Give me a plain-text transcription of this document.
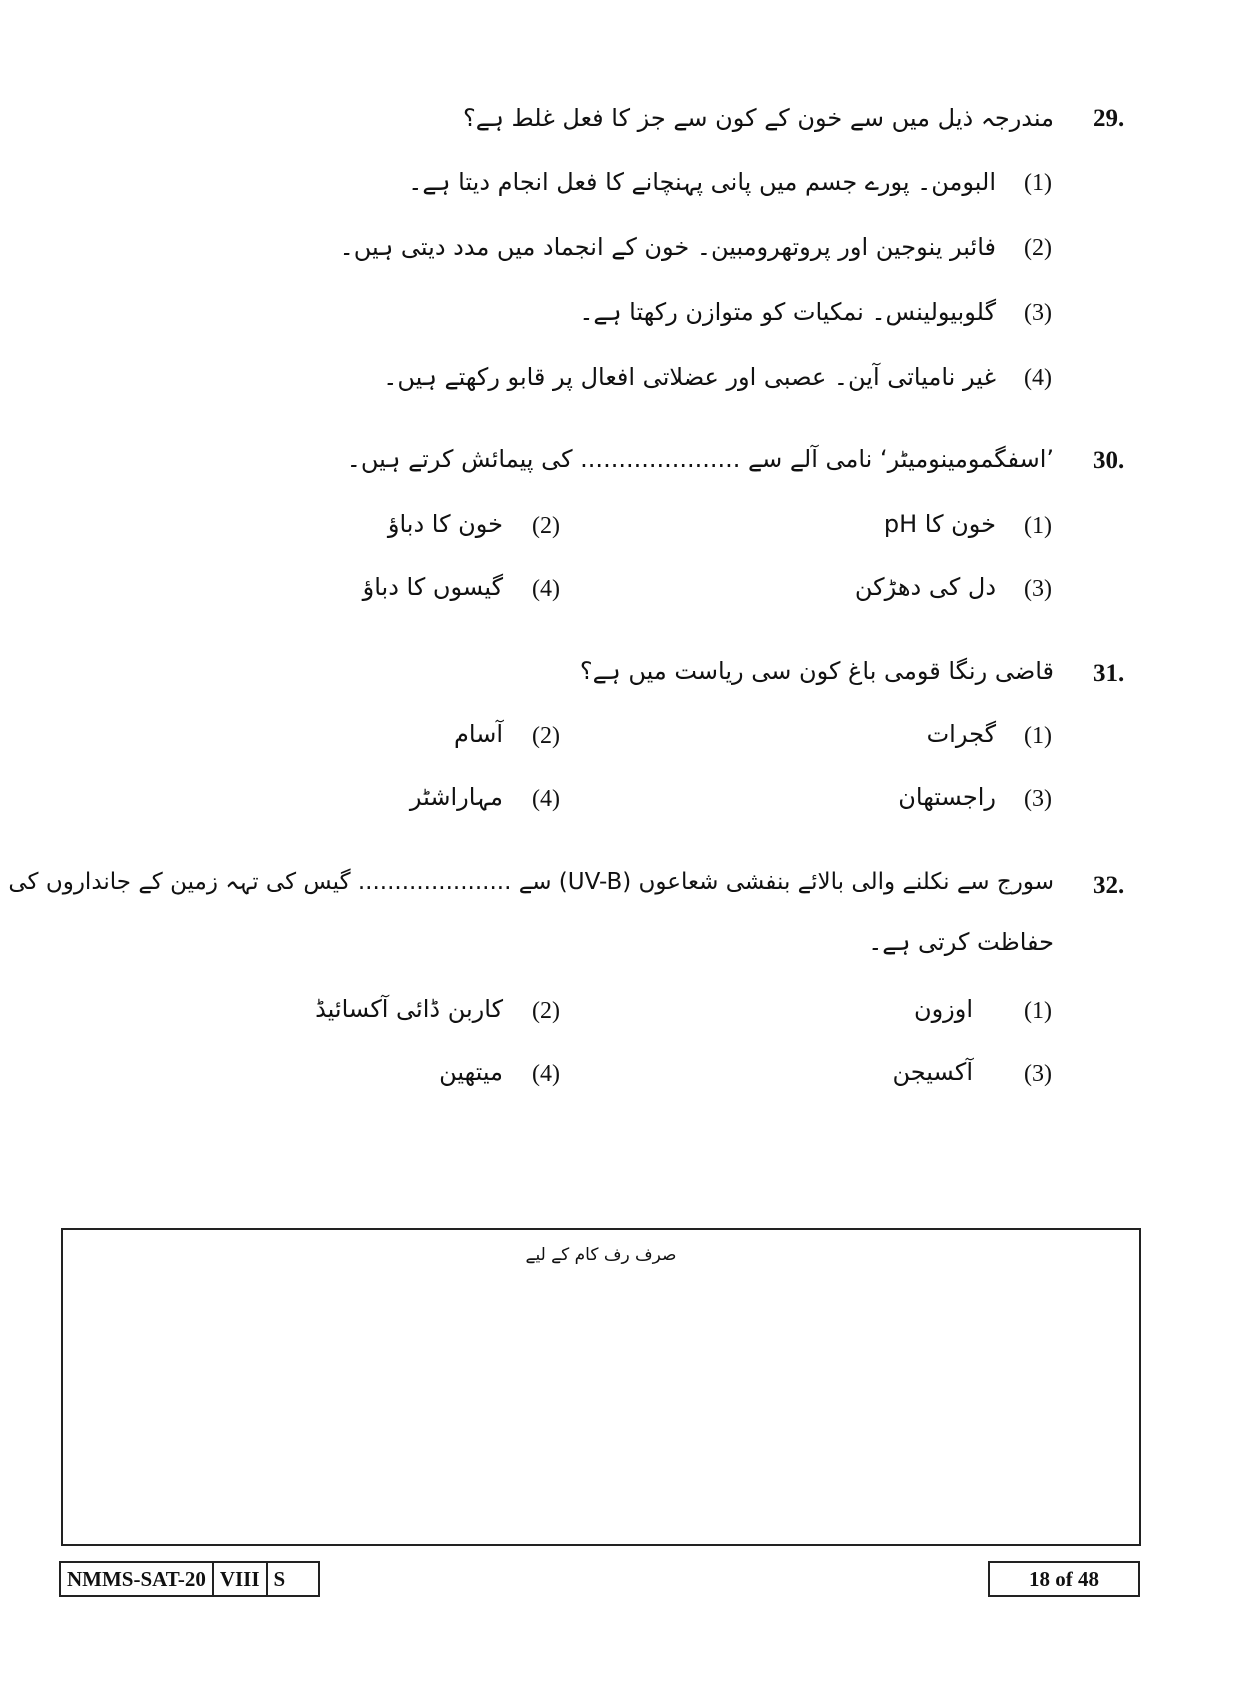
29.
مندرجہ ذیل میں سے خون کے کون سے جز کا فعل غلط ہے؟
(1)
البومن۔ پورے جسم میں پانی پہنچانے کا فعل انجام دیتا ہے۔
(2)
فائبر ینوجین اور پروتھرومبین۔ خون کے انجماد میں مدد دیتی ہیں۔
(3)
گلوبیولینس۔ نمکیات کو متوازن رکھتا ہے۔
(4)
غیر نامیاتی آین۔ عصبی اور عضلاتی افعال پر قابو رکھتے ہیں۔
30.
’اسفگمومینومیٹر‘ نامی آلے سے ..................... کی پیمائش کرتے ہیں۔
(1)
خون کا pH
(2)
خون کا دباؤ
(3)
دل کی دھڑکن
(4)
گیسوں کا دباؤ
31.
قاضی رنگا قومی باغ کون سی ریاست میں ہے؟
(1)
گجرات
(2)
آسام
(3)
راجستھان
(4)
مہاراشٹر
32.
سورج سے نکلنے والی بالائے بنفشی شعاعوں (UV-B) سے ..................... گیس کی تہہ زمین کے جانداروں کی
حفاظت کرتی ہے۔
(1)
اوزون
(2)
کاربن ڈائی آکسائیڈ
(3)
آکسیجن
(4)
میتھین
صرف رف کام کے لیے
NMMS-SAT-20 VIII S	18 of 48
